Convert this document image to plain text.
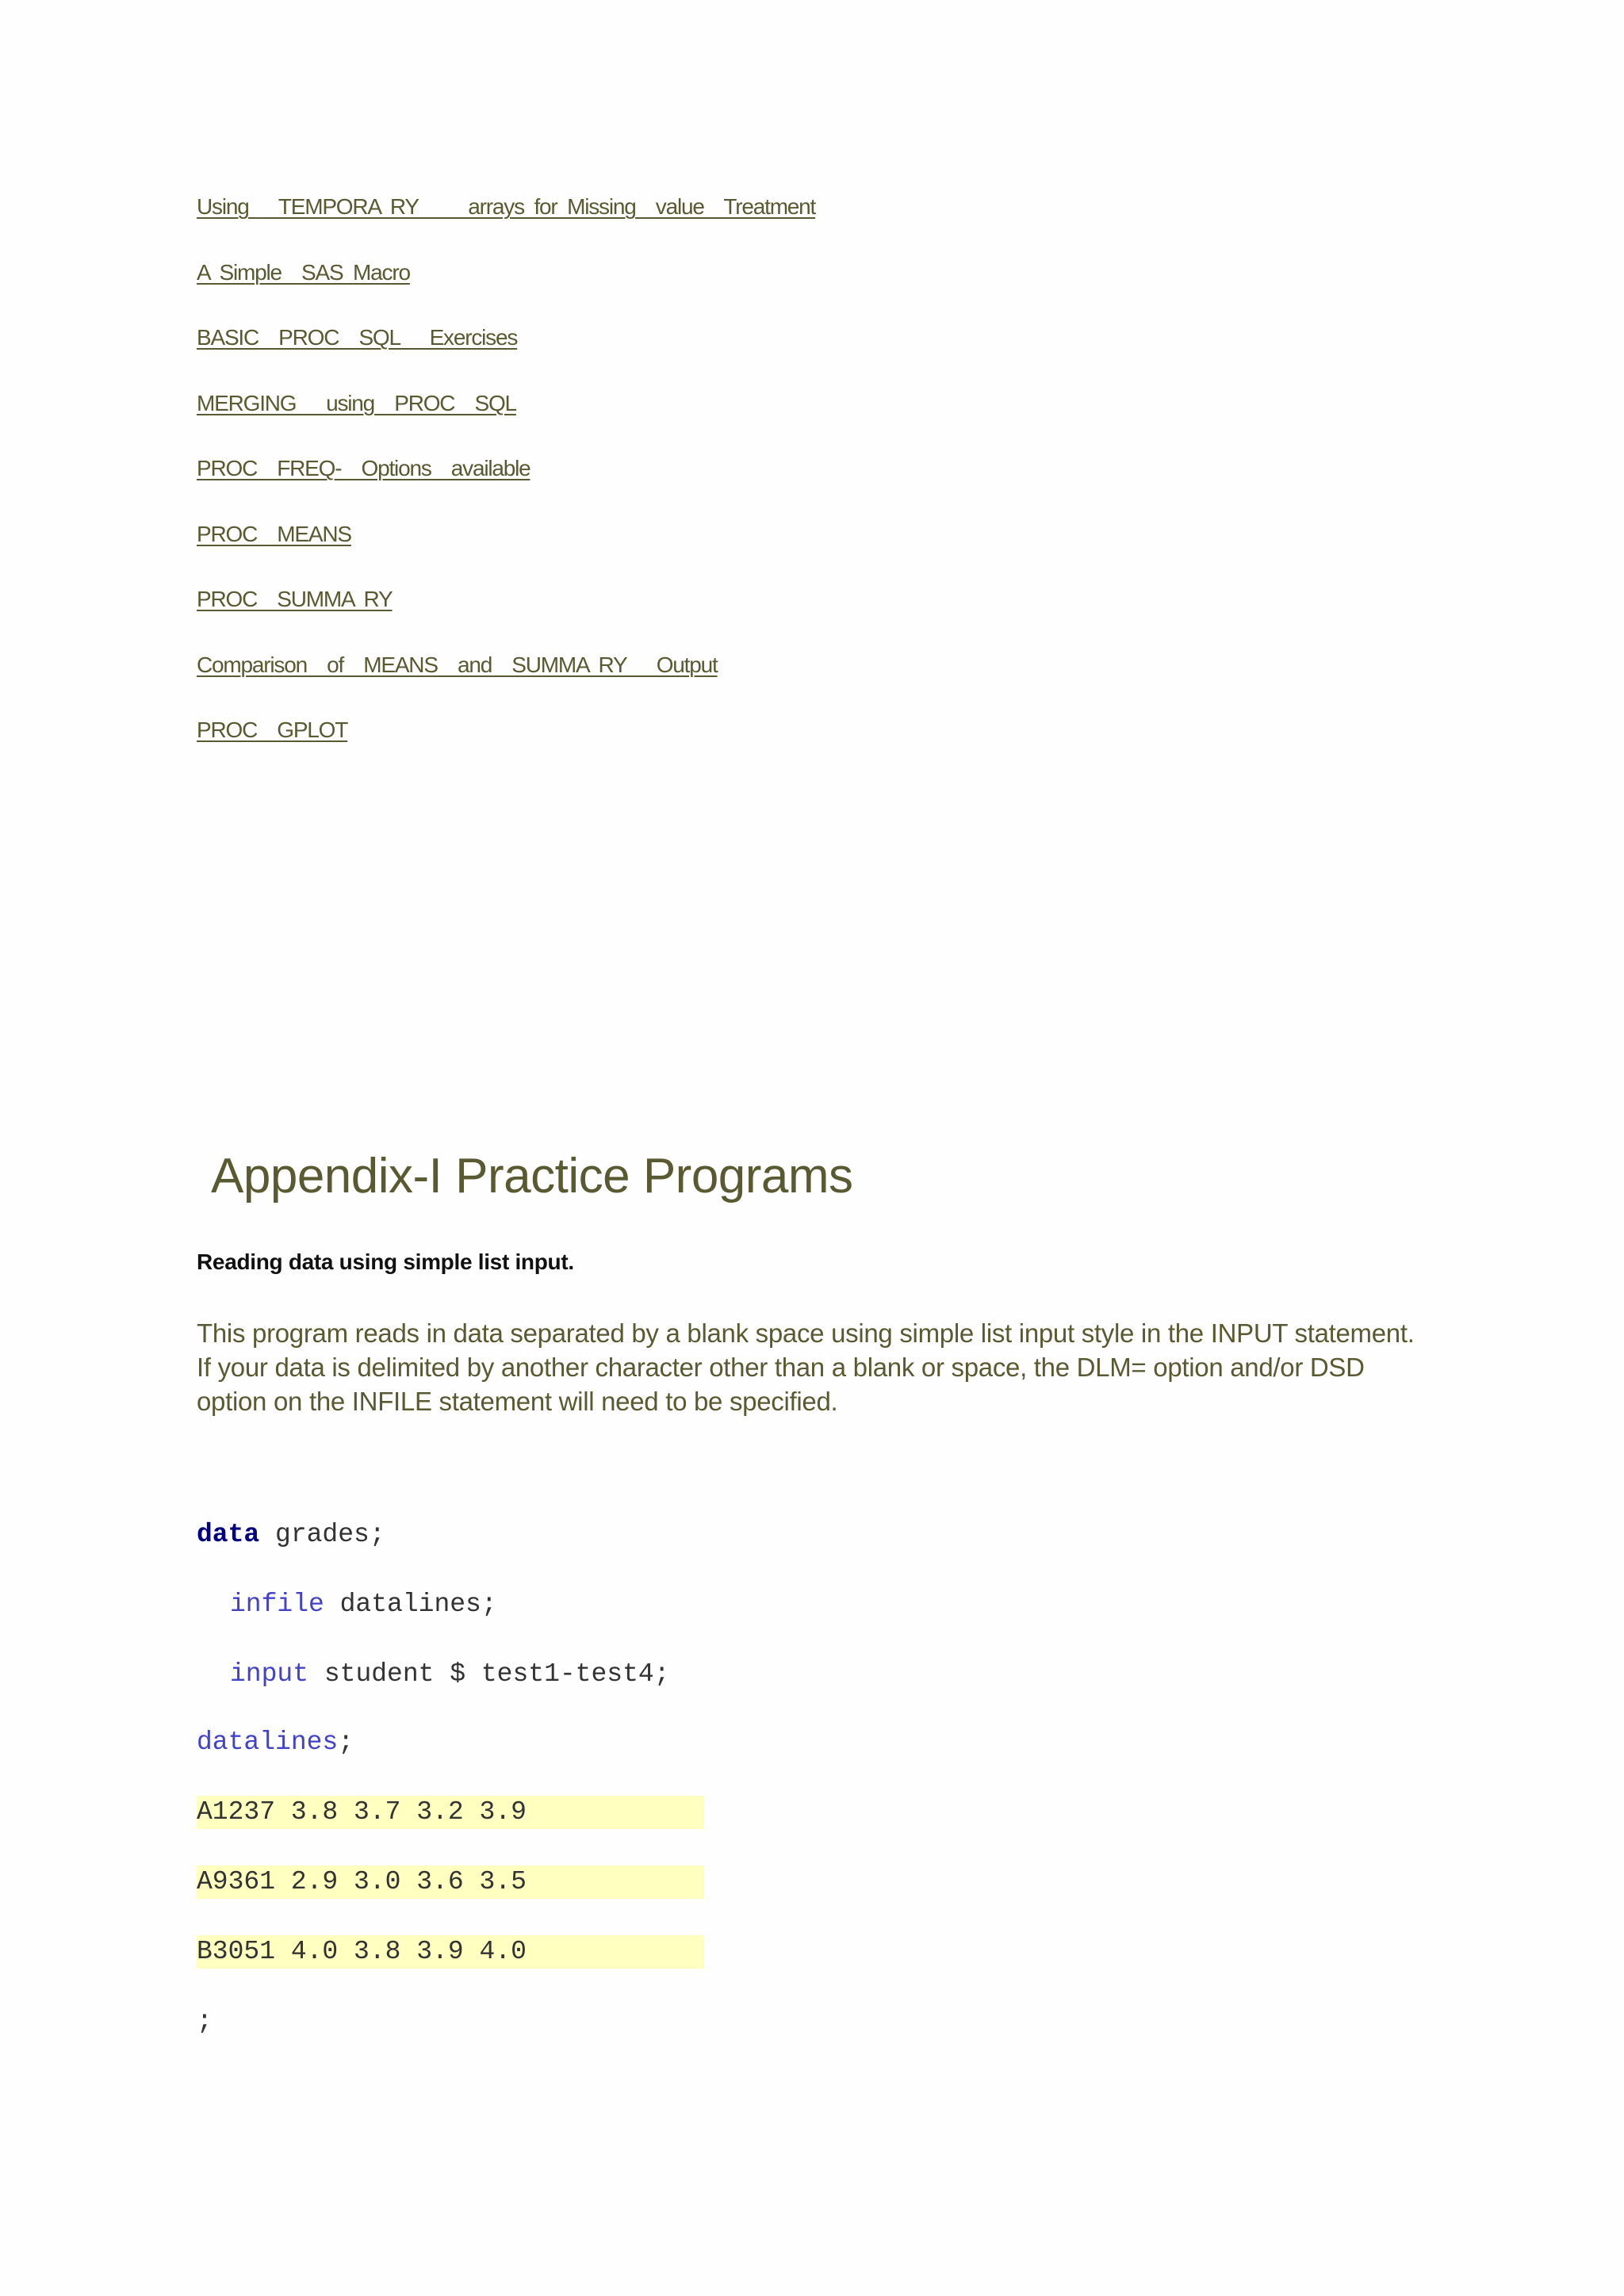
Using   TEMPORA RY     arrays for Missing  value  Treatment
A Simple  SAS Macro
BASIC  PROC  SQL   Exercises
MERGING   using  PROC  SQL
PROC  FREQ-  Options  available
PROC  MEANS
PROC  SUMMA RY
Comparison  of  MEANS  and  SUMMA RY   Output
PROC  GPLOT
Appendix-I Practice Programs
Reading data using simple list input.

This program reads in data separated by a blank space using simple list input style in the INPUT statement. If your data is delimited by another character other than a blank or space, the DLM= option and/or DSD option on the INFILE statement will need to be specified.

data grades;

infile datalines;

input student $ test1-test4;

datalines;

A1237 3.8 3.7 3.2 3.9

A9361 2.9 3.0 3.6 3.5

B3051 4.0 3.8 3.9 4.0

;
